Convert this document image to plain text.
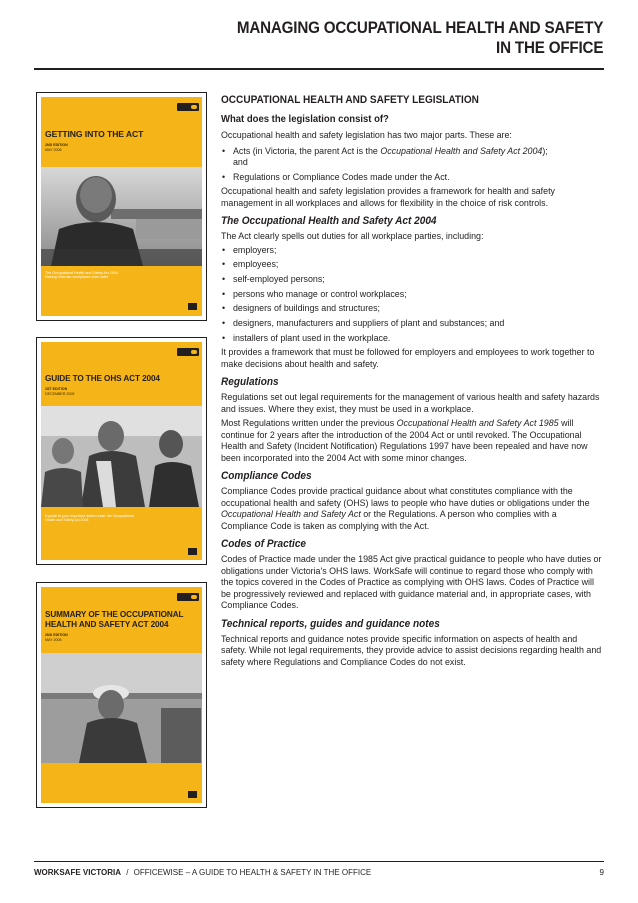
MANAGING OCCUPATIONAL HEALTH AND SAFETY
IN THE OFFICE
GETTING INTO THE ACT
2ND EDITION
MAY 2006
The Occupational Health and Safety Act 2004
Making Victorian workplaces even safer
GUIDE TO THE OHS ACT 2004
1ST EDITION
DECEMBER 2005
A guide to your important duties under the Occupational
Health and Safety Act 2004
SUMMARY OF THE OCCUPATIONAL
HEALTH AND SAFETY ACT 2004
2ND EDITION
MAY 2006
OCCUPATIONAL HEALTH AND SAFETY LEGISLATION
What does the legislation consist of?

Occupational health and safety legislation has two major parts. These are:

• Acts (in Victoria, the parent Act is the Occupational Health and Safety Act 2004);
and
• Regulations or Compliance Codes made under the Act.

Occupational health and safety legislation provides a framework for health and safety management in all workplaces and allows for flexibility in the choice of risk controls.

The Occupational Health and Safety Act 2004

The Act clearly spells out duties for all workplace parties, including:

• employers;
• employees;
• self-employed persons;
• persons who manage or control workplaces;
• designers of buildings and structures;
• designers, manufacturers and suppliers of plant and substances; and
• installers of plant used in the workplace.

It provides a framework that must be followed for employers and employees to work together to make decisions about health and safety.

Regulations

Regulations set out legal requirements for the management of various health and safety hazards and issues. Where they exist, they must be used in a workplace.

Most Regulations written under the previous Occupational Health and Safety Act 1985 will continue for 2 years after the introduction of the 2004 Act or until revoked. The Occupational Health and Safety (Incident Notification) Regulations 1997 have been repealed and have now been incorporated into the 2004 Act with some minor changes.

Compliance Codes

Compliance Codes provide practical guidance about what constitutes compliance with the occupational health and safety (OHS) laws to people who have duties or obligations under the Occupational Health and Safety Act or the Regulations. A person who complies with a Compliance Code is taken as complying with the Act.

Codes of Practice

Codes of Practice made under the 1985 Act give practical guidance to people who have duties or obligations under Victoria's OHS laws. WorkSafe will continue to regard those who comply with the topics covered in the Codes of Practice as complying with OHS laws. Codes of Practice will be progressively reviewed and replaced with guidance material and, in appropriate cases, with Compliance Codes.

Technical reports, guides and guidance notes

Technical reports and guidance notes provide specific information on aspects of health and safety. While not legal requirements, they provide advice to assist decisions regarding health and safety where Regulations and Compliance Codes do not exist.

WORKSAFE VICTORIA / OFFICEWISE – A GUIDE TO HEALTH & SAFETY IN THE OFFICE	9
